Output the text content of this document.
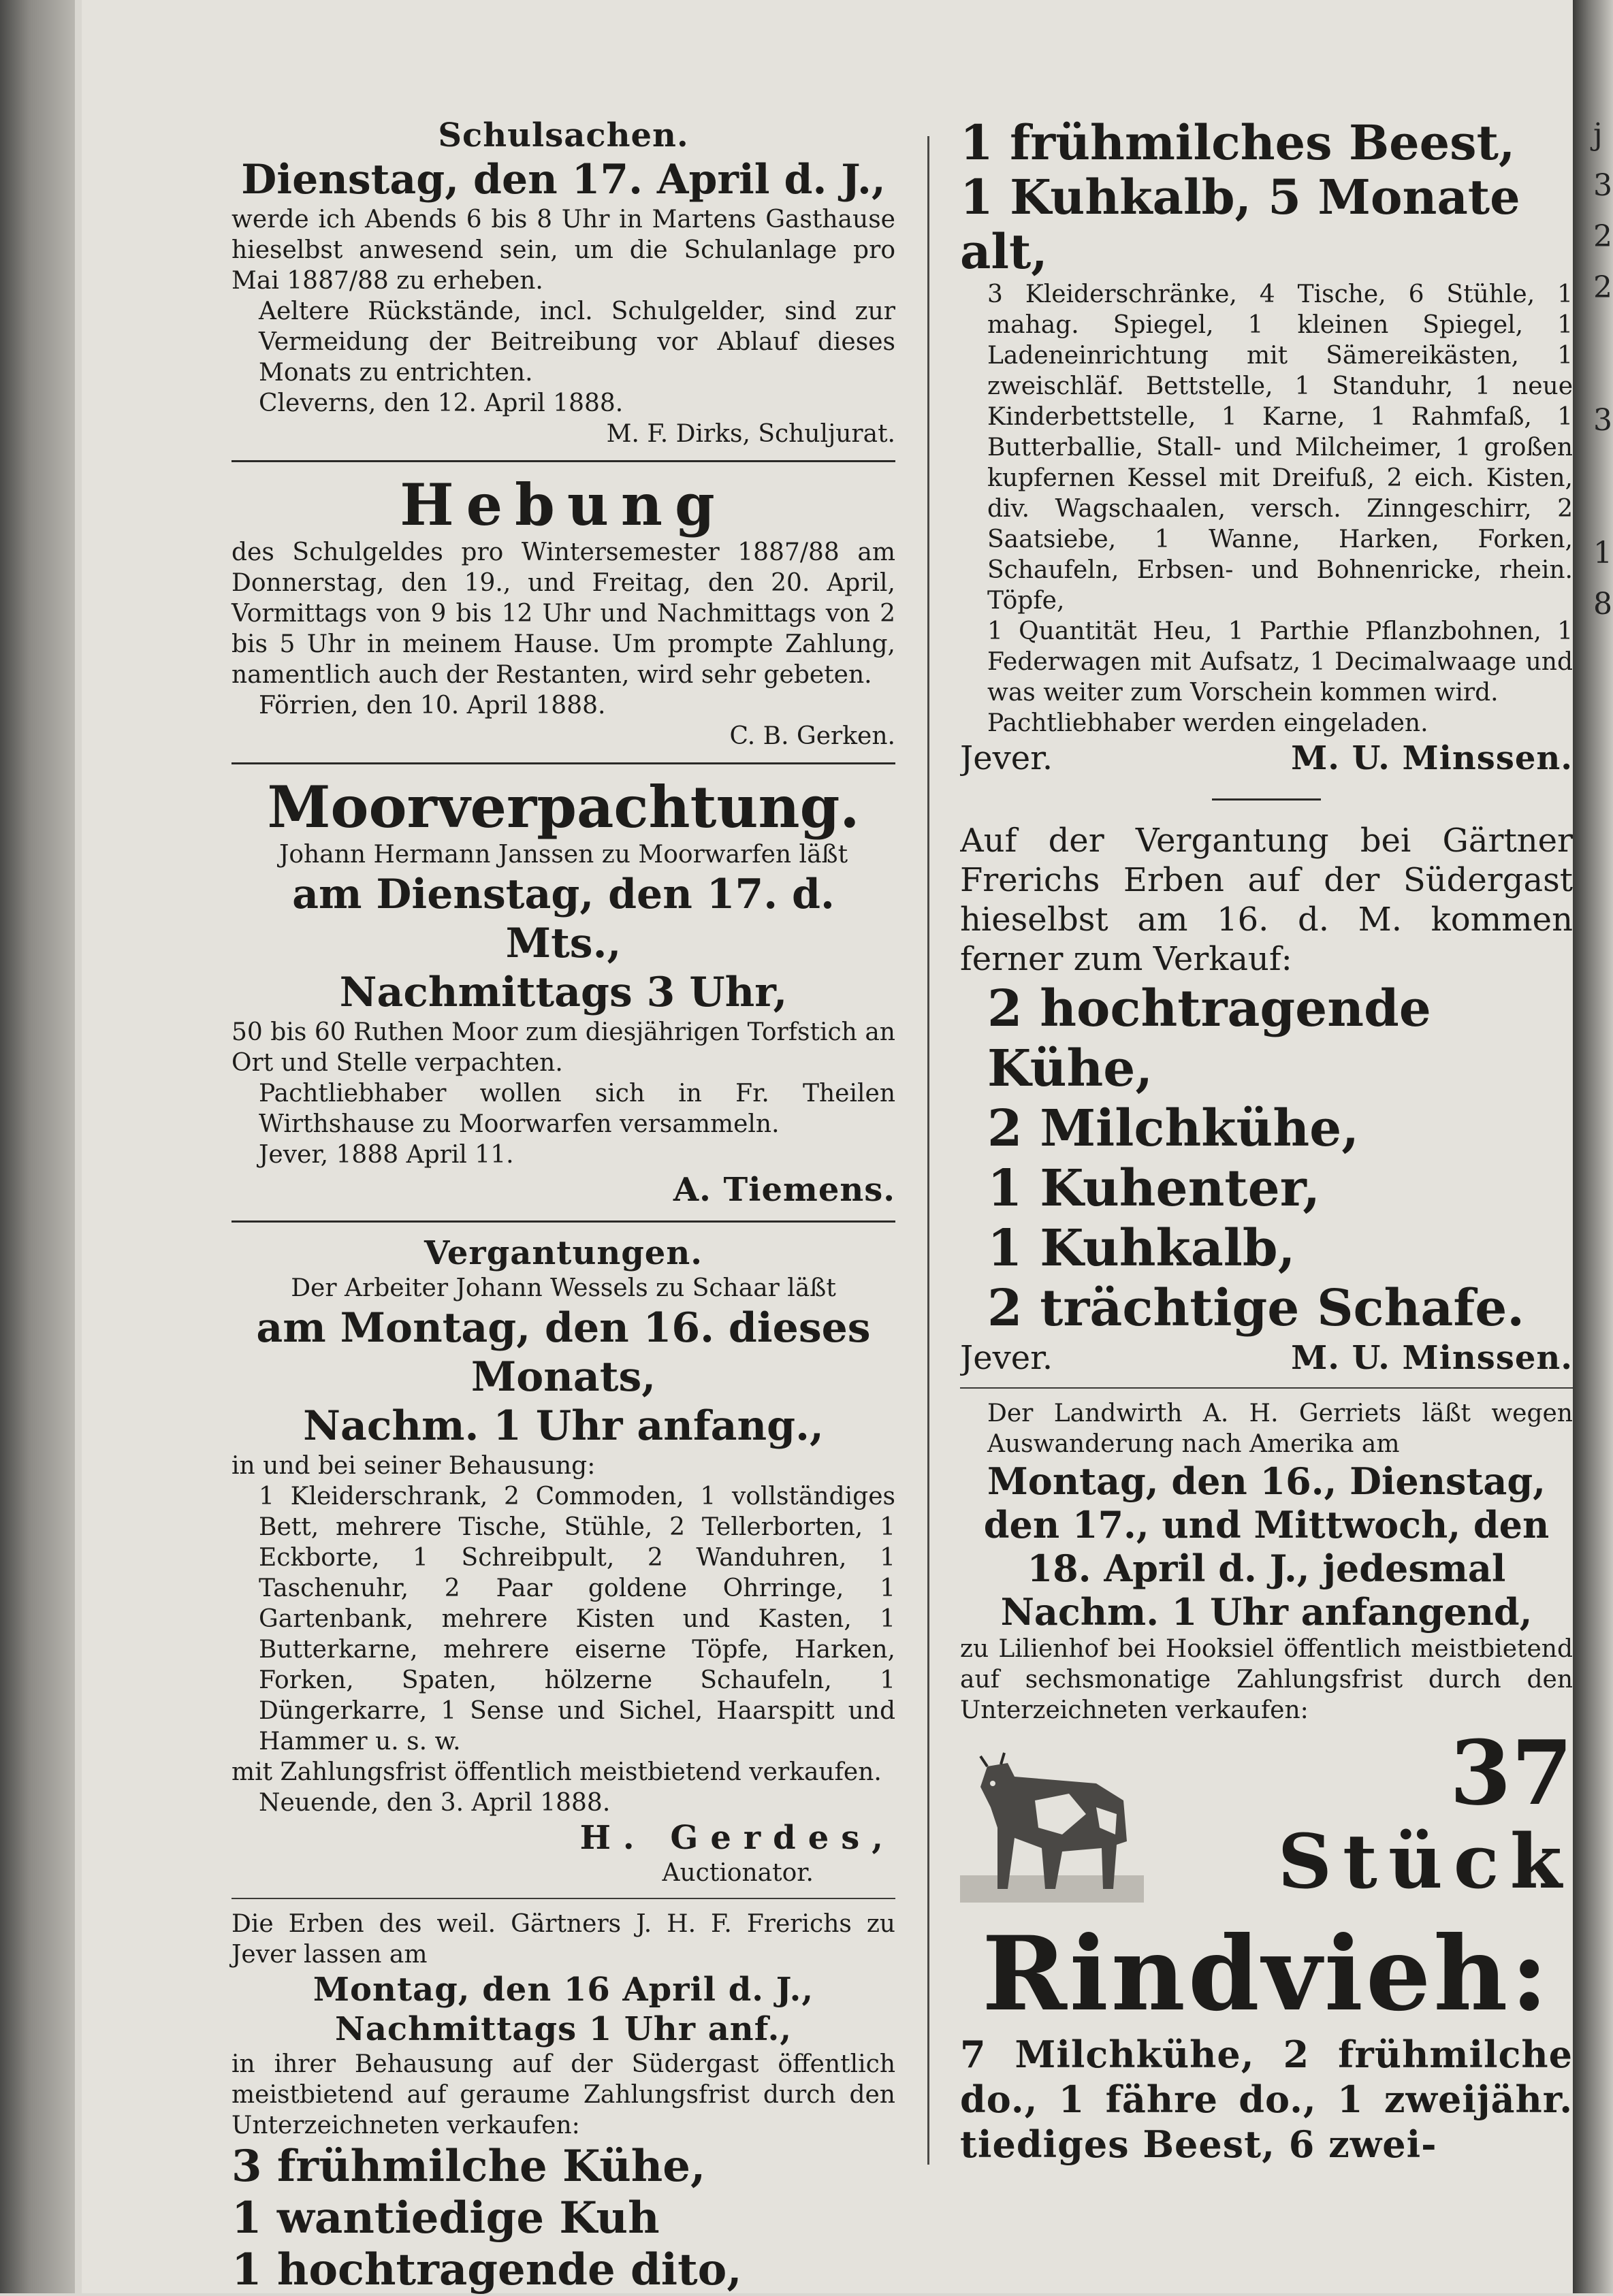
j
3
2
2
3
1
8
Schulsachen.
Dienstag, den 17. April d. J.,
werde ich Abends 6 bis 8 Uhr in Martens Gasthause hieselbst anwesend sein, um die Schulanlage pro Mai 1887/88 zu erheben.
Aeltere Rückstände, incl. Schulgelder, sind zur Vermeidung der Beitreibung vor Ablauf dieses Monats zu entrichten.
Cleverns, den 12. April 1888.
M. F. Dirks, Schuljurat.
Hebung
des Schulgeldes pro Wintersemester 1887/88 am Donnerstag, den 19., und Freitag, den 20. April, Vormittags von 9 bis 12 Uhr und Nachmittags von 2 bis 5 Uhr in meinem Hause. Um prompte Zahlung, namentlich auch der Restanten, wird sehr gebeten.
Förrien, den 10. April 1888.
C. B. Gerken.
Moorverpachtung.
Johann Hermann Janssen zu Moorwarfen läßt
am Dienstag, den 17. d. Mts.,
Nachmittags 3 Uhr,
50 bis 60 Ruthen Moor zum diesjährigen Torfstich an Ort und Stelle verpachten.
Pachtliebhaber wollen sich in Fr. Theilen Wirthshause zu Moorwarfen versammeln.
Jever, 1888 April 11.
A. Tiemens.
Vergantungen.
Der Arbeiter Johann Wessels zu Schaar läßt
am Montag, den 16. dieses Monats,
Nachm. 1 Uhr anfang.,
in und bei seiner Behausung:
1 Kleiderschrank, 2 Commoden, 1 vollständiges Bett, mehrere Tische, Stühle, 2 Tellerborten, 1 Eckborte, 1 Schreibpult, 2 Wanduhren, 1 Taschenuhr, 2 Paar goldene Ohrringe, 1 Gartenbank, mehrere Kisten und Kasten, 1 Butterkarne, mehrere eiserne Töpfe, Harken, Forken, Spaten, hölzerne Schaufeln, 1 Düngerkarre, 1 Sense und Sichel, Haarspitt und Hammer u. s. w.
mit Zahlungsfrist öffentlich meistbietend verkaufen.
Neuende, den 3. April 1888.
H. Gerdes,
Auctionator.
Die Erben des weil. Gärtners J. H. F. Frerichs zu Jever lassen am
Montag, den 16 April d. J.,
Nachmittags 1 Uhr anf.,
in ihrer Behausung auf der Südergast öffentlich meistbietend auf geraume Zahlungsfrist durch den Unterzeichneten verkaufen:
3 frühmilche Kühe,
1 wantiedige Kuh
1 hochtragende dito,
1 frühmilches Beest,
1 Kuhkalb, 5 Monate alt,
3 Kleiderschränke, 4 Tische, 6 Stühle, 1 mahag. Spiegel, 1 kleinen Spiegel, 1 Ladeneinrichtung mit Sämereikästen, 1 zweischläf. Bettstelle, 1 Standuhr, 1 neue Kinderbettstelle, 1 Karne, 1 Rahmfaß, 1 Butterballie, Stall- und Milcheimer, 1 großen kupfernen Kessel mit Dreifuß, 2 eich. Kisten, div. Wagschaalen, versch. Zinngeschirr, 2 Saatsiebe, 1 Wanne, Harken, Forken, Schaufeln, Erbsen- und Bohnenricke, rhein. Töpfe,
1 Quantität Heu, 1 Parthie Pflanzbohnen, 1 Federwagen mit Aufsatz, 1 Decimalwaage und was weiter zum Vorschein kommen wird.
Pachtliebhaber werden eingeladen.
Jever.	M. U. Minssen.
Auf der Vergantung bei Gärtner Frerichs Erben auf der Südergast hieselbst am 16. d. M. kommen ferner zum Verkauf:
2 hochtragende Kühe,
2 Milchkühe,
1 Kuhenter,
1 Kuhkalb,
2 trächtige Schafe.
Jever.	M. U. Minssen.
Der Landwirth A. H. Gerriets läßt wegen Auswanderung nach Amerika am
Montag, den 16., Dienstag, den 17., und Mittwoch, den 18. April d. J., jedesmal Nachm. 1 Uhr anfangend,
zu Lilienhof bei Hooksiel öffentlich meistbietend auf sechsmonatige Zahlungsfrist durch den Unterzeichneten verkaufen:
37
Stück
Rindvieh:
7 Milchkühe, 2 frühmilche do., 1 fähre do., 1 zweijähr. tiediges Beest, 6 zwei-
